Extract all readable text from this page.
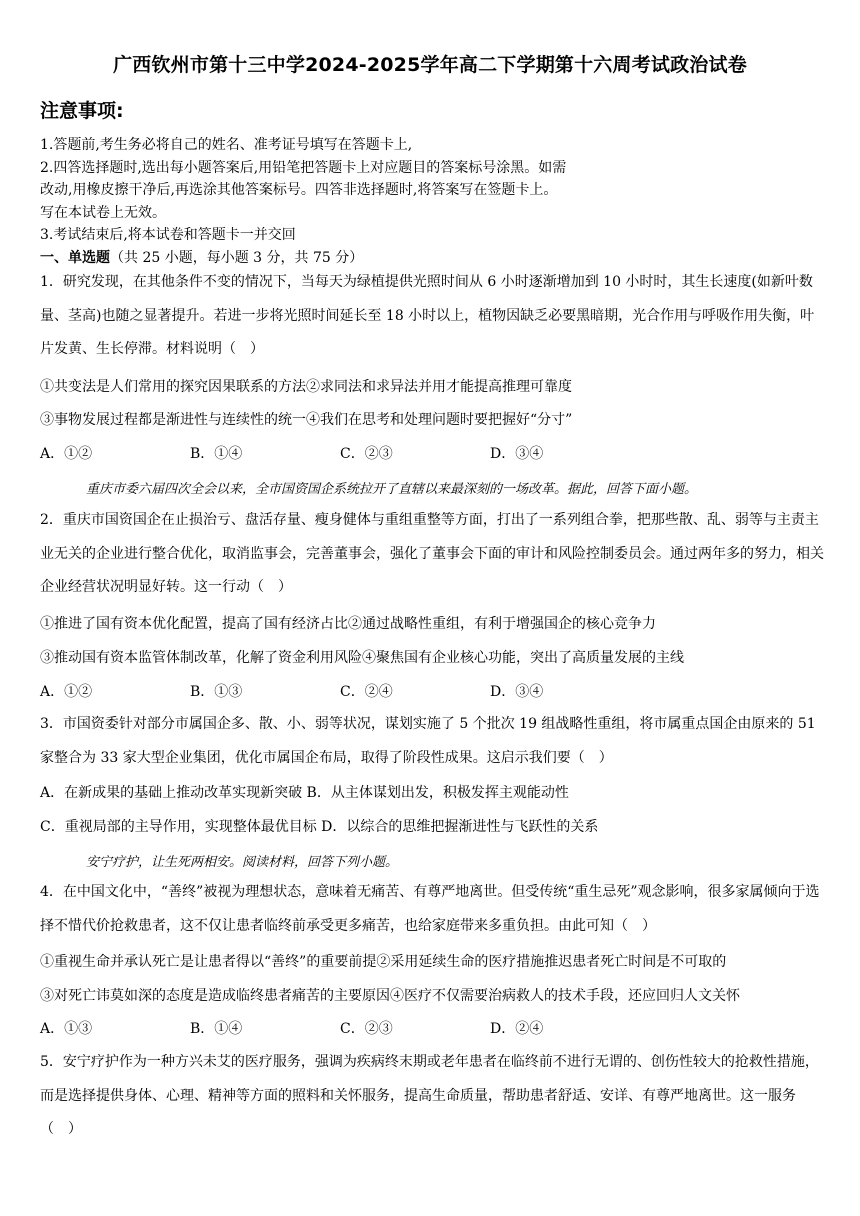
广西钦州市第十三中学2024-2025学年高二下学期第十六周考试政治试卷
注意事项:
1.答题前,考生务必将自己的姓名、准考证号填写在答题卡上,
2.四答选择题时,选出每小题答案后,用铅笔把答题卡上对应题目的答案标号涂黑。如需
改动,用橡皮擦干净后,再选涂其他答案标号。四答非选择题时,将答案写在签题卡上。
写在本试卷上无效。
3.考试结束后,将本试卷和答题卡一并交回
一、单选题（共 25 小题，每小题 3 分，共 75 分）
1．研究发现，在其他条件不变的情况下，当每天为绿植提供光照时间从 6 小时逐渐增加到 10 小时时，其生长速度(如新叶数量、茎高)也随之显著提升。若进一步将光照时间延长至 18 小时以上，植物因缺乏必要黑暗期，光合作用与呼吸作用失衡，叶片发黄、生长停滞。材料说明（　）
①共变法是人们常用的探究因果联系的方法②求同法和求异法并用才能提高推理可靠度
③事物发展过程都是渐进性与连续性的统一④我们在思考和处理问题时要把握好“分寸”
A．①②	B．①④	C．②③	D．③④
重庆市委六届四次全会以来，全市国资国企系统拉开了直辖以来最深刻的一场改革。据此，回答下面小题。
2．重庆市国资国企在止损治亏、盘活存量、瘦身健体与重组重整等方面，打出了一系列组合拳，把那些散、乱、弱等与主责主业无关的企业进行整合优化，取消监事会，完善董事会，强化了董事会下面的审计和风险控制委员会。通过两年多的努力，相关企业经营状况明显好转。这一行动（　）
①推进了国有资本优化配置，提高了国有经济占比②通过战略性重组，有利于增强国企的核心竞争力
③推动国有资本监管体制改革，化解了资金利用风险④聚焦国有企业核心功能，突出了高质量发展的主线
A．①②	B．①③	C．②④	D．③④
3．市国资委针对部分市属国企多、散、小、弱等状况，谋划实施了 5 个批次 19 组战略性重组，将市属重点国企由原来的 51 家整合为 33 家大型企业集团，优化市属国企布局，取得了阶段性成果。这启示我们要（　）
A．在新成果的基础上推动改革实现新突破 B．从主体谋划出发，积极发挥主观能动性
C．重视局部的主导作用，实现整体最优目标 D．以综合的思维把握渐进性与飞跃性的关系
安宁疗护，让生死两相安。阅读材料，回答下列小题。
4．在中国文化中，“善终”被视为理想状态，意味着无痛苦、有尊严地离世。但受传统“重生忌死”观念影响，很多家属倾向于选择不惜代价抢救患者，这不仅让患者临终前承受更多痛苦，也给家庭带来多重负担。由此可知（　）
①重视生命并承认死亡是让患者得以“善终”的重要前提②采用延续生命的医疗措施推迟患者死亡时间是不可取的
③对死亡讳莫如深的态度是造成临终患者痛苦的主要原因④医疗不仅需要治病救人的技术手段，还应回归人文关怀
A．①③	B．①④	C．②③	D．②④
5．安宁疗护作为一种方兴未艾的医疗服务，强调为疾病终末期或老年患者在临终前不进行无谓的、创伤性较大的抢救性措施，而是选择提供身体、心理、精神等方面的照料和关怀服务，提高生命质量，帮助患者舒适、安详、有尊严地离世。这一服务（　）
